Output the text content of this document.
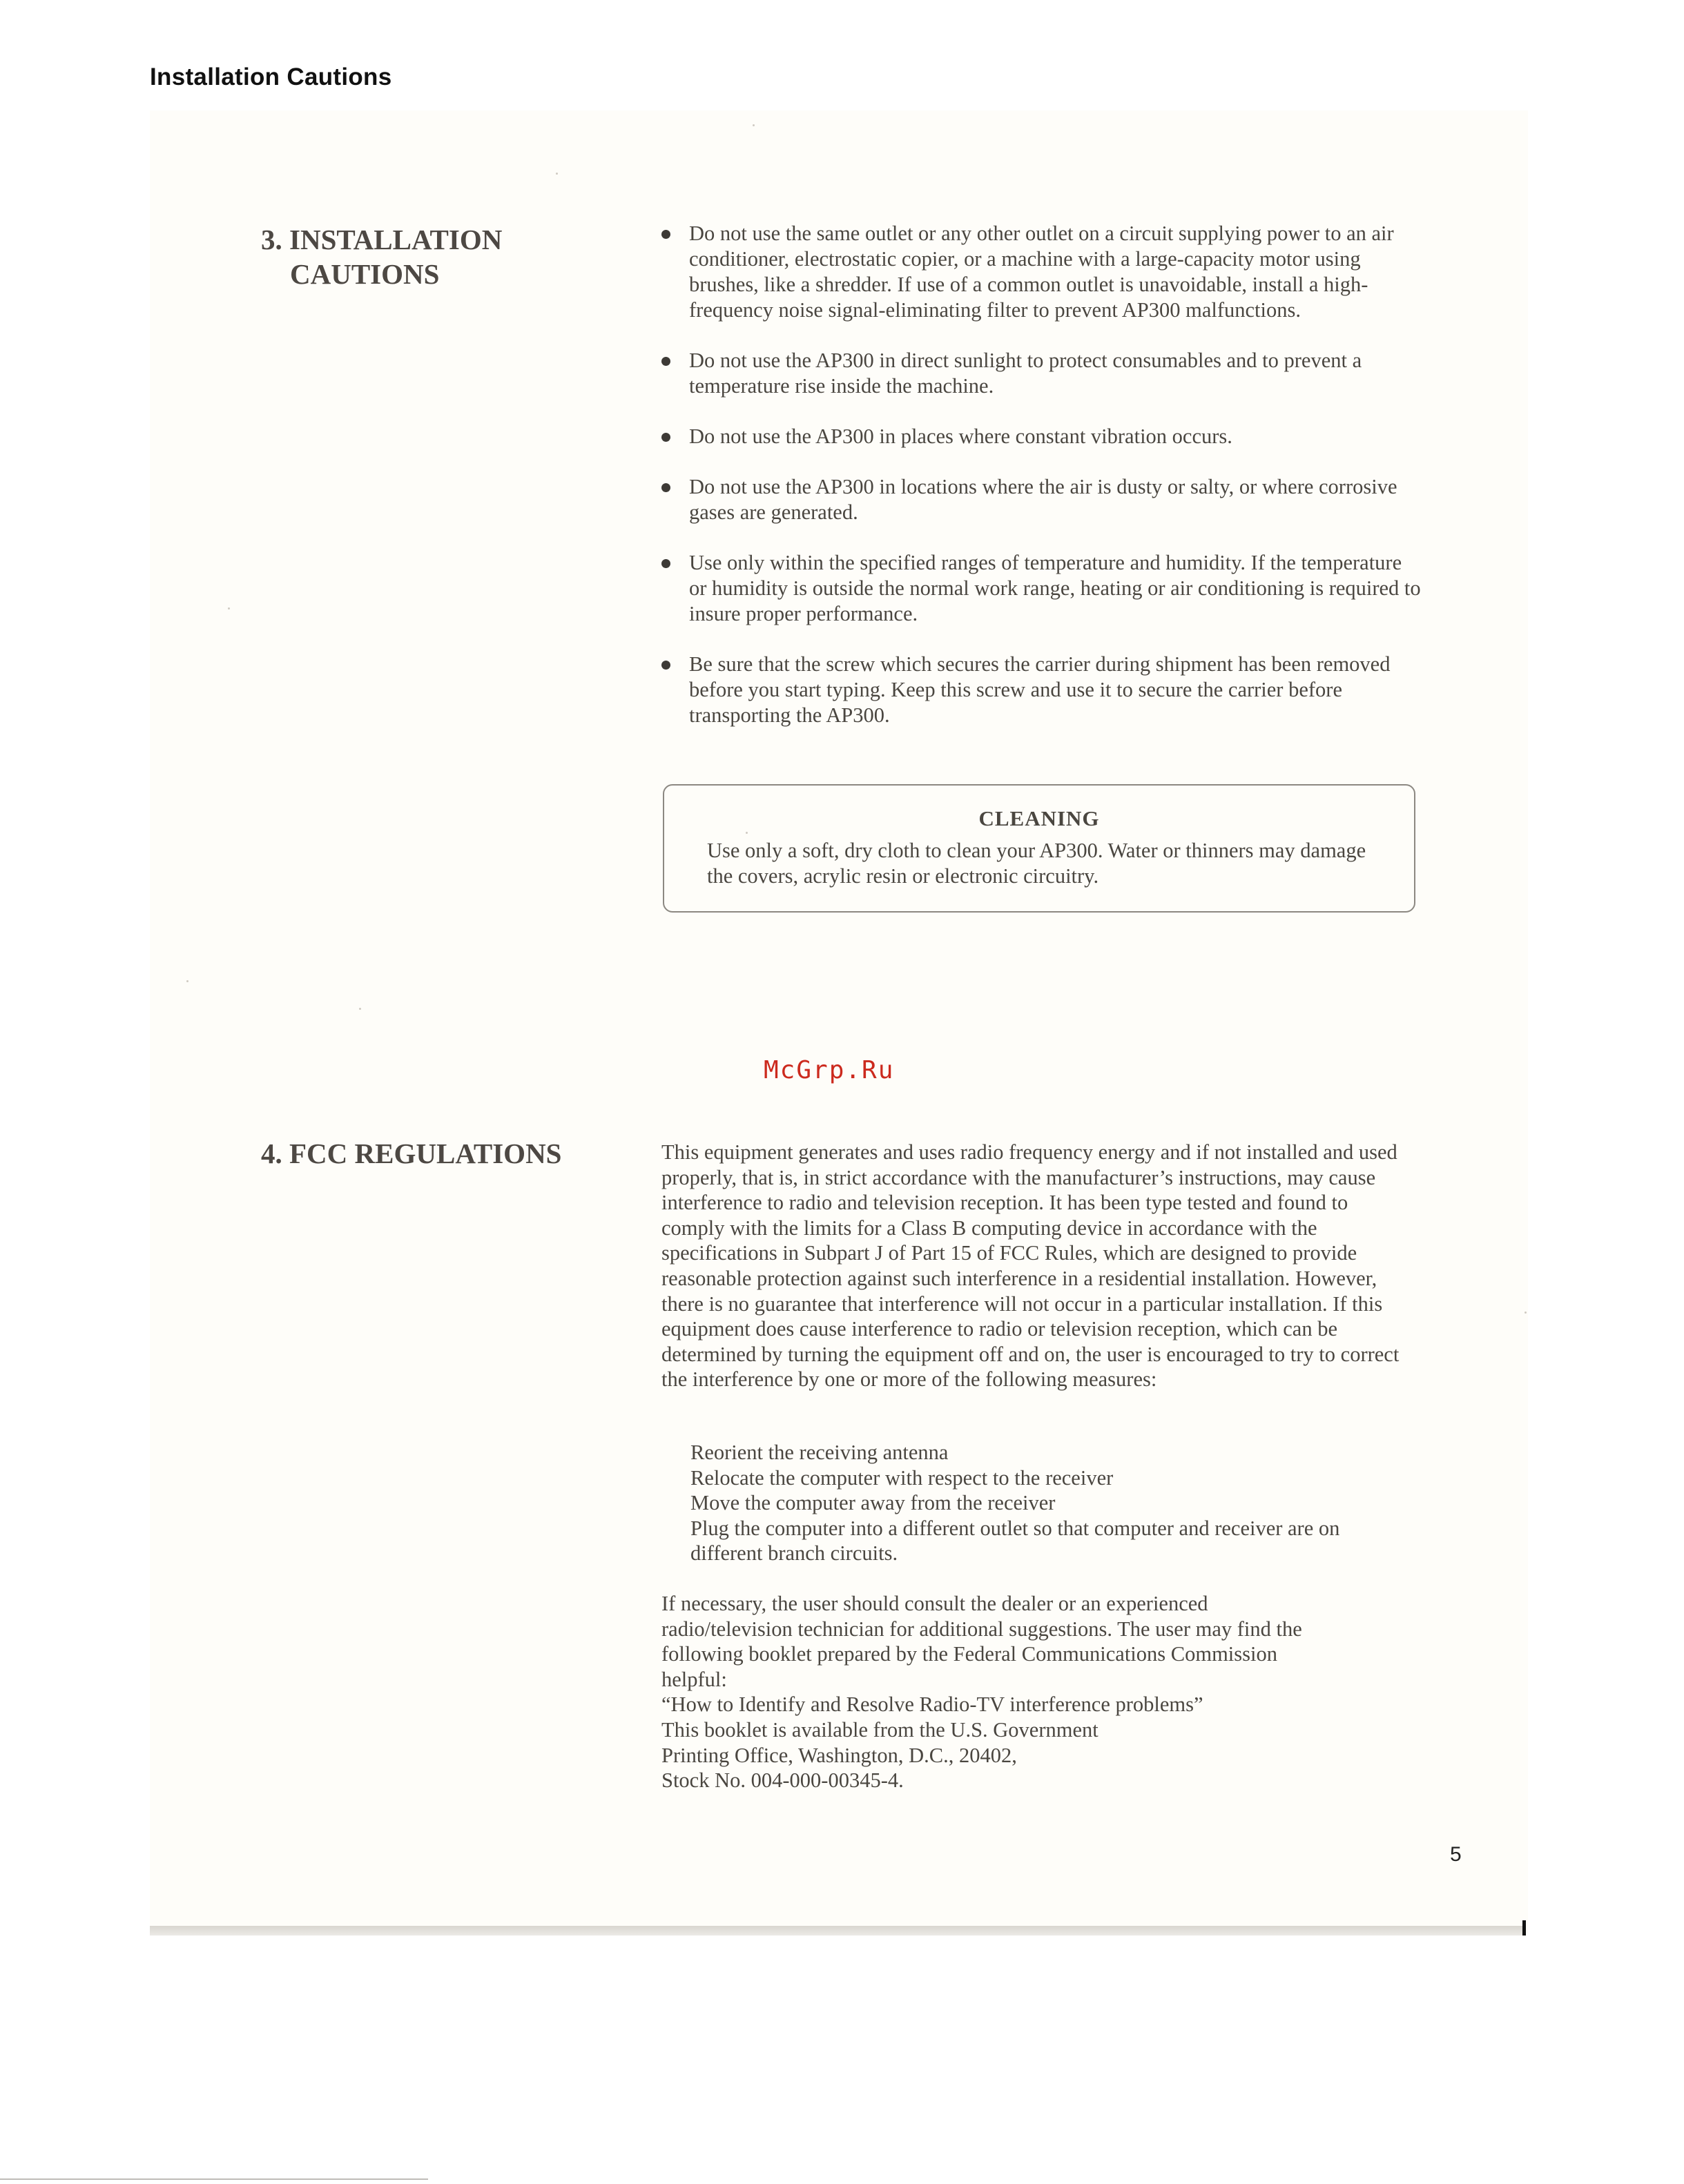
Installation Cautions
3. INSTALLATION
CAUTIONS
Do not use the same outlet or any other outlet on a circuit supplying power to an air conditioner, electrostatic copier, or a machine with a large-capacity motor using brushes, like a shredder. If use of a common outlet is unavoidable, install a high-frequency noise signal-eliminating filter to prevent AP300 malfunctions.
Do not use the AP300 in direct sunlight to protect consumables and to prevent a temperature rise inside the machine.
Do not use the AP300 in places where constant vibration occurs.
Do not use the AP300 in locations where the air is dusty or salty, or where corrosive gases are generated.
Use only within the specified ranges of temperature and humidity. If the temperature or humidity is outside the normal work range, heating or air conditioning is required to insure proper performance.
Be sure that the screw which secures the carrier during shipment has been removed before you start typing. Keep this screw and use it to secure the carrier before transporting the AP300.
CLEANING
Use only a soft, dry cloth to clean your AP300. Water or thinners may damage the covers, acrylic resin or electronic circuitry.
McGrp.Ru
4. FCC REGULATIONS	This equipment generates and uses radio frequency energy and if not installed and used properly, that is, in strict accordance with the manufacturer’s instructions, may cause interference to radio and television reception. It has been type tested and found to comply with the limits for a Class B computing device in accordance with the specifications in Subpart J of Part 15 of FCC Rules, which are designed to provide reasonable protection against such interference in a residential installation. However, there is no guarantee that interference will not occur in a particular installation. If this equipment does cause interference to radio or television reception, which can be determined by turning the equipment off and on, the user is encouraged to try to correct the interference by one or more of the following measures:

Reorient the receiving antenna
Relocate the computer with respect to the receiver
Move the computer away from the receiver
Plug the computer into a different outlet so that computer and receiver are on different branch circuits.
If necessary, the user should consult the dealer or an experienced
radio/television technician for additional suggestions. The user may find the
following booklet prepared by the Federal Communications Commission
helpful:
“How to Identify and Resolve Radio-TV interference problems”
This booklet is available from the U.S. Government
Printing Office, Washington, D.C., 20402,
Stock No. 004-000-00345-4.
5
